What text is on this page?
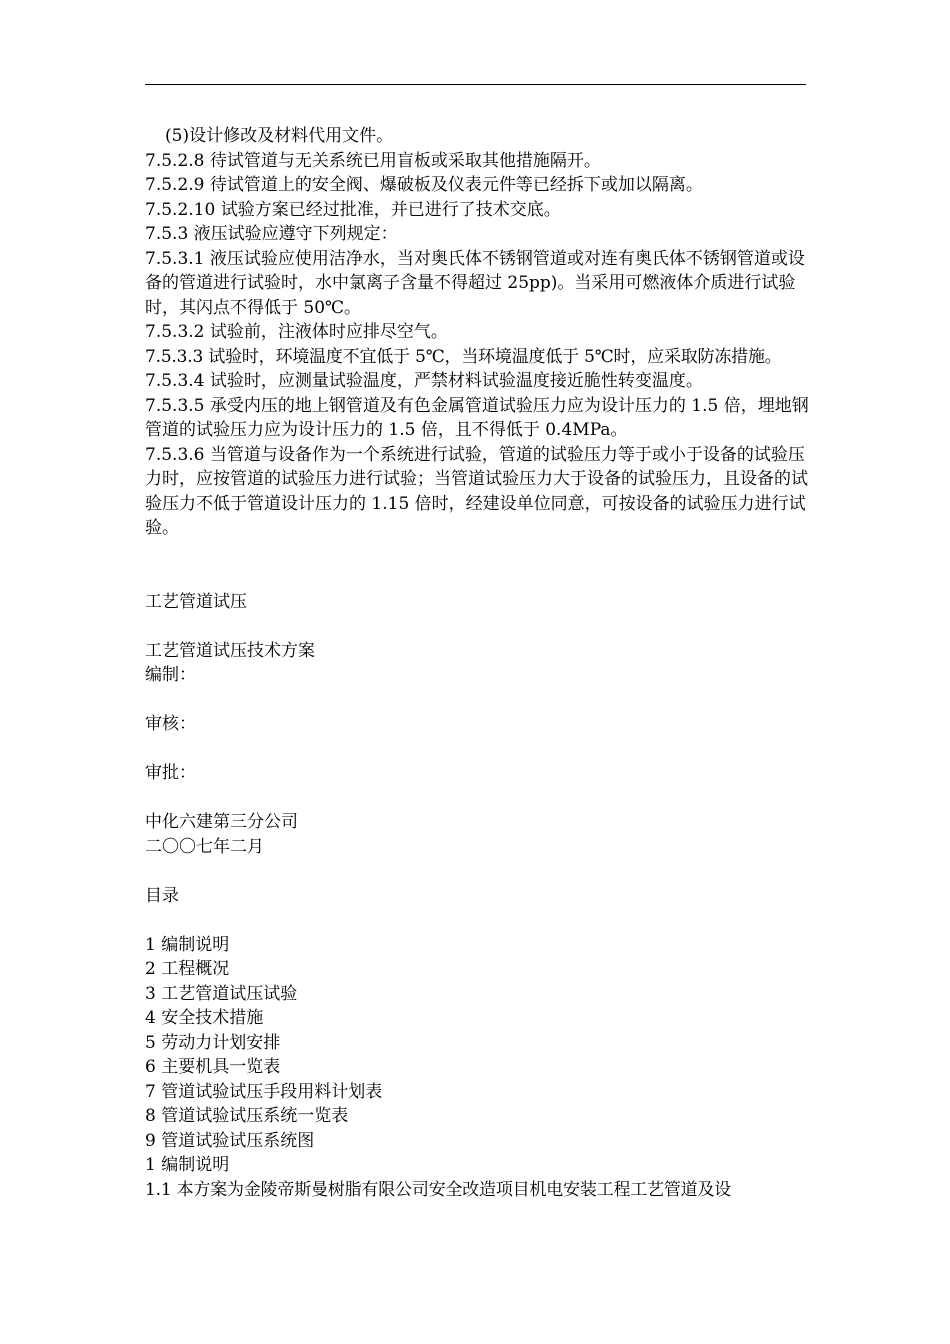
(5)设计修改及材料代用文件。

7.5.2.8 待试管道与无关系统已用盲板或采取其他措施隔开。

7.5.2.9 待试管道上的安全阀、爆破板及仪表元件等已经拆下或加以隔离。

7.5.2.10 试验方案已经过批准，并已进行了技术交底。

7.5.3 液压试验应遵守下列规定：

7.5.3.1 液压试验应使用洁净水，当对奥氏体不锈钢管道或对连有奥氏体不锈钢管道或设备的管道进行试验时，水中氯离子含量不得超过 25pp)。当采用可燃液体介质进行试验时，其闪点不得低于 50℃。

7.5.3.2 试验前，注液体时应排尽空气。

7.5.3.3 试验时，环境温度不宜低于 5℃，当环境温度低于 5℃时，应采取防冻措施。

7.5.3.4 试验时，应测量试验温度，严禁材料试验温度接近脆性转变温度。

7.5.3.5 承受内压的地上钢管道及有色金属管道试验压力应为设计压力的 1.5 倍，埋地钢管道的试验压力应为设计压力的 1.5 倍，且不得低于 0.4MPa。

7.5.3.6 当管道与设备作为一个系统进行试验，管道的试验压力等于或小于设备的试验压力时，应按管道的试验压力进行试验；当管道试验压力大于设备的试验压力，且设备的试验压力不低于管道设计压力的 1.15 倍时，经建设单位同意，可按设备的试验压力进行试验。

工艺管道试压

工艺管道试压技术方案

编制：

审核：

审批：

中化六建第三分公司

二〇〇七年二月

目录

1 编制说明

2 工程概况

3 工艺管道试压试验

4 安全技术措施

5 劳动力计划安排

6 主要机具一览表

7 管道试验试压手段用料计划表

8 管道试验试压系统一览表

9 管道试验试压系统图

1 编制说明

1.1 本方案为金陵帝斯曼树脂有限公司安全改造项目机电安装工程工艺管道及设
